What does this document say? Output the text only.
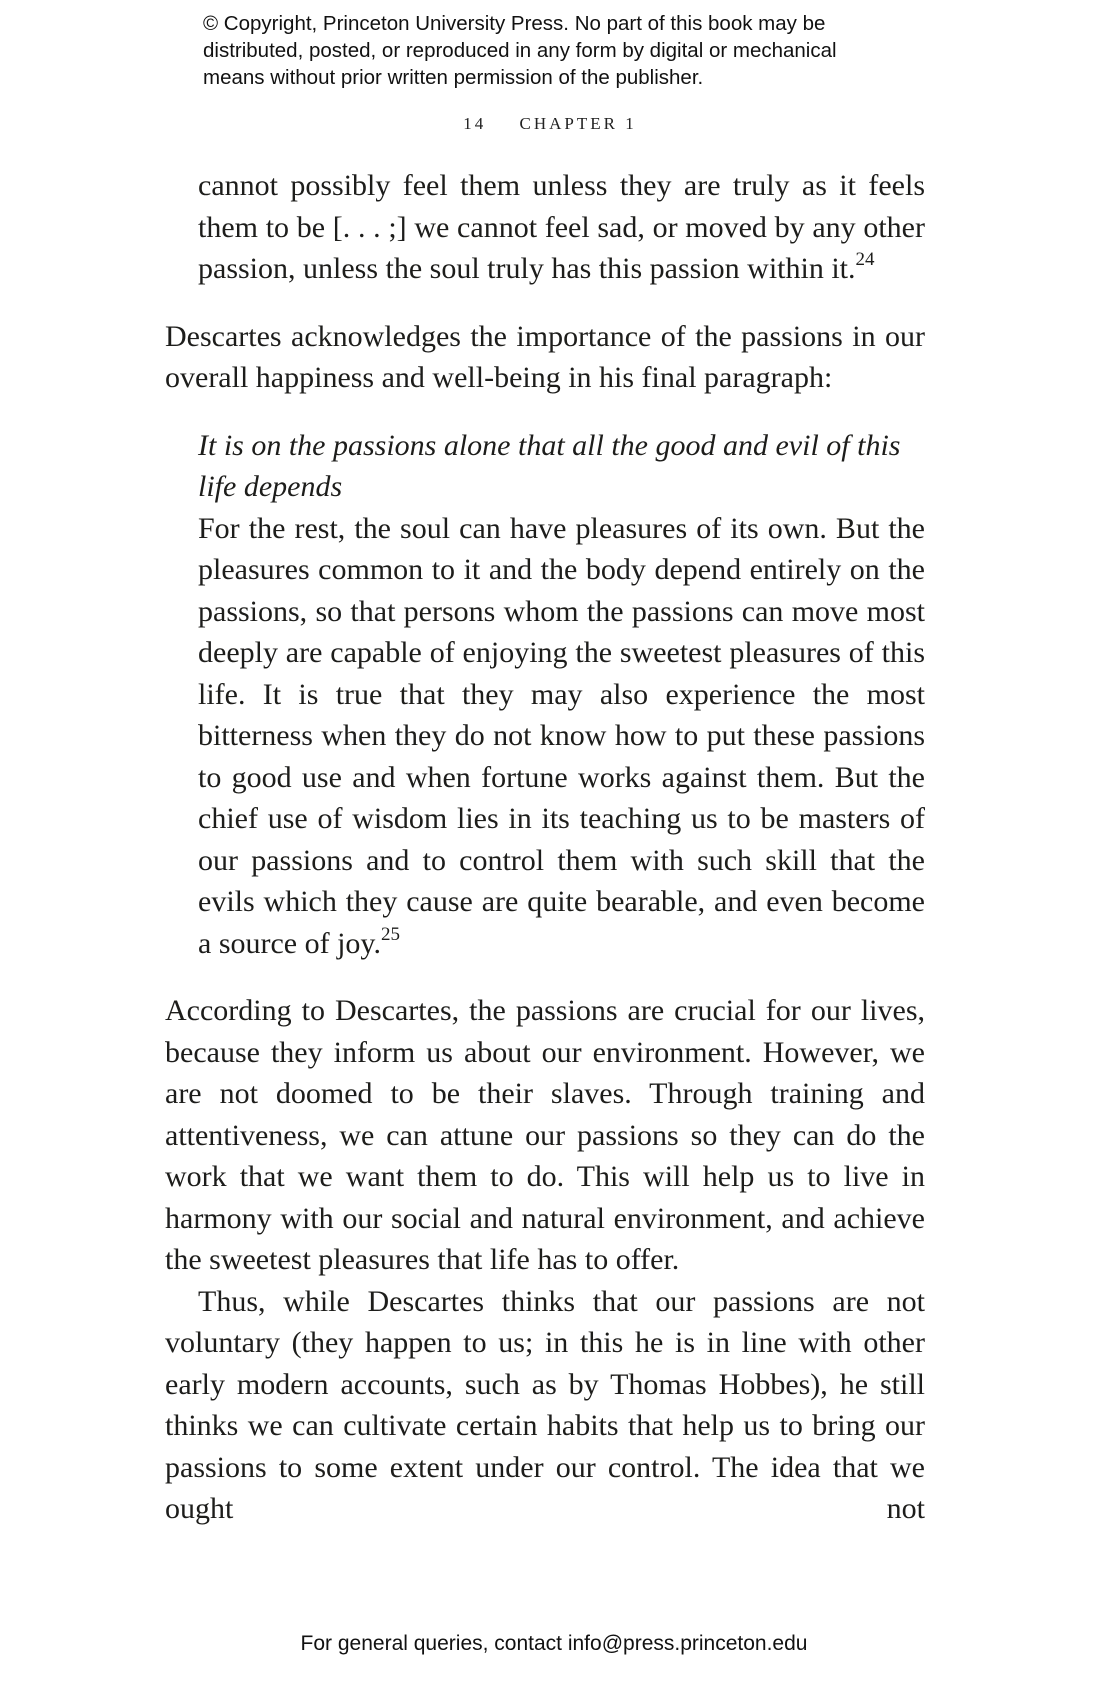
© Copyright, Princeton University Press. No part of this book may be
distributed, posted, or reproduced in any form by digital or mechanical
means without prior written permission of the publisher.
14 CHAPTER 1

cannot possibly feel them unless they are truly as it feels them to be [. . . ;] we cannot feel sad, or moved by any other passion, unless the soul truly has this passion within it.$^{24}$

Descartes acknowledges the importance of the passions in our overall happiness and well-being in his final paragraph:

It is on the passions alone that all the good and evil of this life depends

For the rest, the soul can have pleasures of its own. But the pleasures common to it and the body depend entirely on the passions, so that persons whom the passions can move most deeply are capable of enjoying the sweetest pleasures of this life. It is true that they may also experience the most bitterness when they do not know how to put these passions to good use and when fortune works against them. But the chief use of wisdom lies in its teaching us to be masters of our passions and to control them with such skill that the evils which they cause are quite bearable, and even become a source of joy.$^{25}$

According to Descartes, the passions are crucial for our lives, because they inform us about our environment. However, we are not doomed to be their slaves. Through training and attentiveness, we can attune our passions so they can do the work that we want them to do. This will help us to live in harmony with our social and natural environment, and achieve the sweetest pleasures that life has to offer.

Thus, while Descartes thinks that our passions are not voluntary (they happen to us; in this he is in line with other early modern accounts, such as by Thomas Hobbes), he still thinks we can cultivate certain habits that help us to bring our passions to some extent under our control. The idea that we ought not

For general queries, contact info@press.princeton.edu
